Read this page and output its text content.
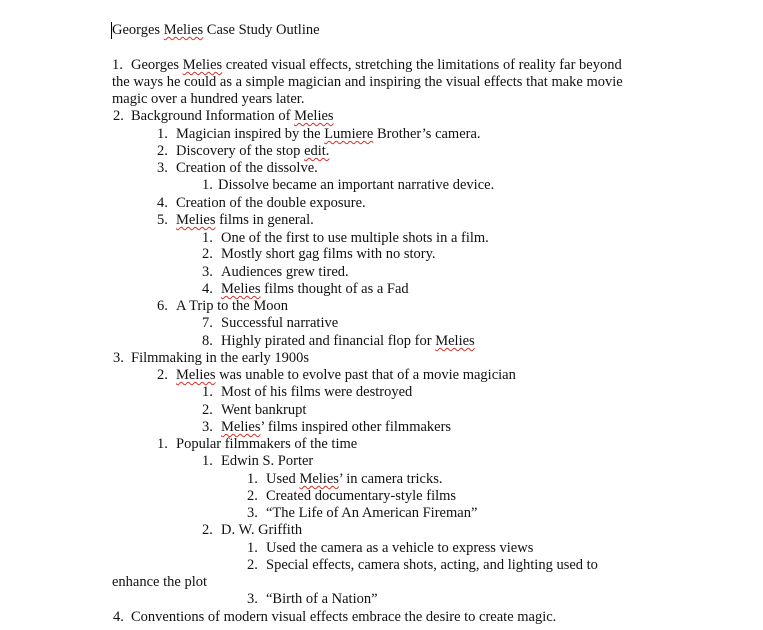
Georges Melies Case Study Outline
1. Georges Melies created visual effects, stretching the limitations of reality far beyond
the ways he could as a simple magician and inspiring the visual effects that make movie
magic over a hundred years later.
2. Background Information of Melies
1. Magician inspired by the Lumiere Brother’s camera.
2. Discovery of the stop edit.
3. Creation of the dissolve.
1. Dissolve became an important narrative device.
4. Creation of the double exposure.
5. Melies films in general.
1. One of the first to use multiple shots in a film.
2. Mostly short gag films with no story.
3. Audiences grew tired.
4. Melies films thought of as a Fad
6. A Trip to the Moon
7. Successful narrative
8. Highly pirated and financial flop for Melies
3. Filmmaking in the early 1900s
2. Melies was unable to evolve past that of a movie magician
1. Most of his films were destroyed
2. Went bankrupt
3. Melies’ films inspired other filmmakers
1. Popular filmmakers of the time
1. Edwin S. Porter
1. Used Melies’ in camera tricks.
2. Created documentary-style films
3. “The Life of An American Fireman”
2. D. W. Griffith
1. Used the camera as a vehicle to express views
2. Special effects, camera shots, acting, and lighting used to
enhance the plot
3. “Birth of a Nation”
4. Conventions of modern visual effects embrace the desire to create magic.
